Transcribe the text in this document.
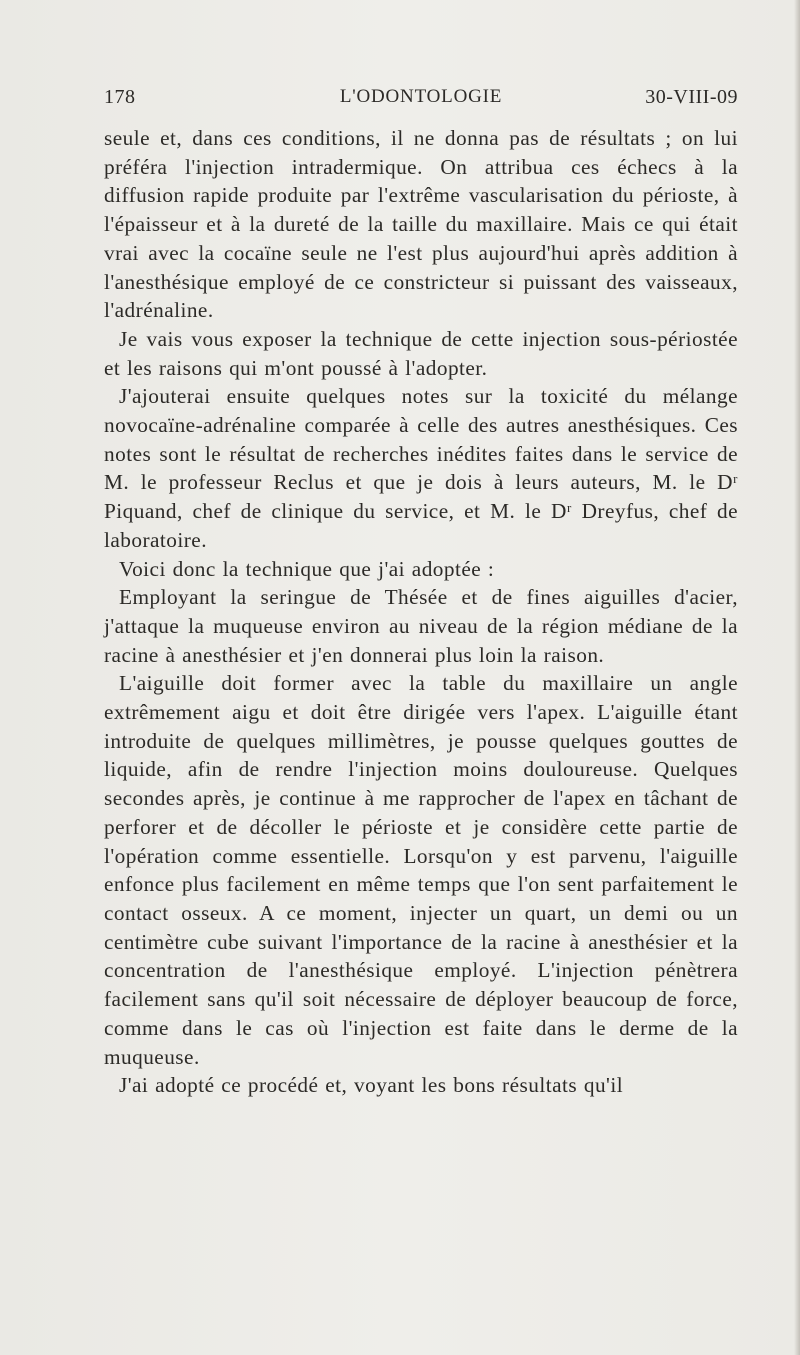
178	L'ODONTOLOGIE	30-VIII-09

seule et, dans ces conditions, il ne donna pas de résultats ; on lui préféra l'injection intradermique. On attribua ces échecs à la diffusion rapide produite par l'extrême vascularisation du périoste, à l'épaisseur et à la dureté de la taille du maxillaire. Mais ce qui était vrai avec la cocaïne seule ne l'est plus aujourd'hui après addition à l'anesthésique employé de ce constricteur si puissant des vaisseaux, l'adrénaline.

Je vais vous exposer la technique de cette injection sous-périostée et les raisons qui m'ont poussé à l'adopter.

J'ajouterai ensuite quelques notes sur la toxicité du mélange novocaïne-adrénaline comparée à celle des autres anesthésiques. Ces notes sont le résultat de recherches inédites faites dans le service de M. le professeur Reclus et que je dois à leurs auteurs, M. le Dʳ Piquand, chef de clinique du service, et M. le Dʳ Dreyfus, chef de laboratoire.

Voici donc la technique que j'ai adoptée :

Employant la seringue de Thésée et de fines aiguilles d'acier, j'attaque la muqueuse environ au niveau de la région médiane de la racine à anesthésier et j'en donnerai plus loin la raison.

L'aiguille doit former avec la table du maxillaire un angle extrêmement aigu et doit être dirigée vers l'apex. L'aiguille étant introduite de quelques millimètres, je pousse quelques gouttes de liquide, afin de rendre l'injection moins douloureuse. Quelques secondes après, je continue à me rapprocher de l'apex en tâchant de perforer et de décoller le périoste et je considère cette partie de l'opération comme essentielle. Lorsqu'on y est parvenu, l'aiguille enfonce plus facilement en même temps que l'on sent parfaitement le contact osseux. A ce moment, injecter un quart, un demi ou un centimètre cube suivant l'importance de la racine à anesthésier et la concentration de l'anesthésique employé. L'injection pénètrera facilement sans qu'il soit nécessaire de déployer beaucoup de force, comme dans le cas où l'injection est faite dans le derme de la muqueuse.

J'ai adopté ce procédé et, voyant les bons résultats qu'il
